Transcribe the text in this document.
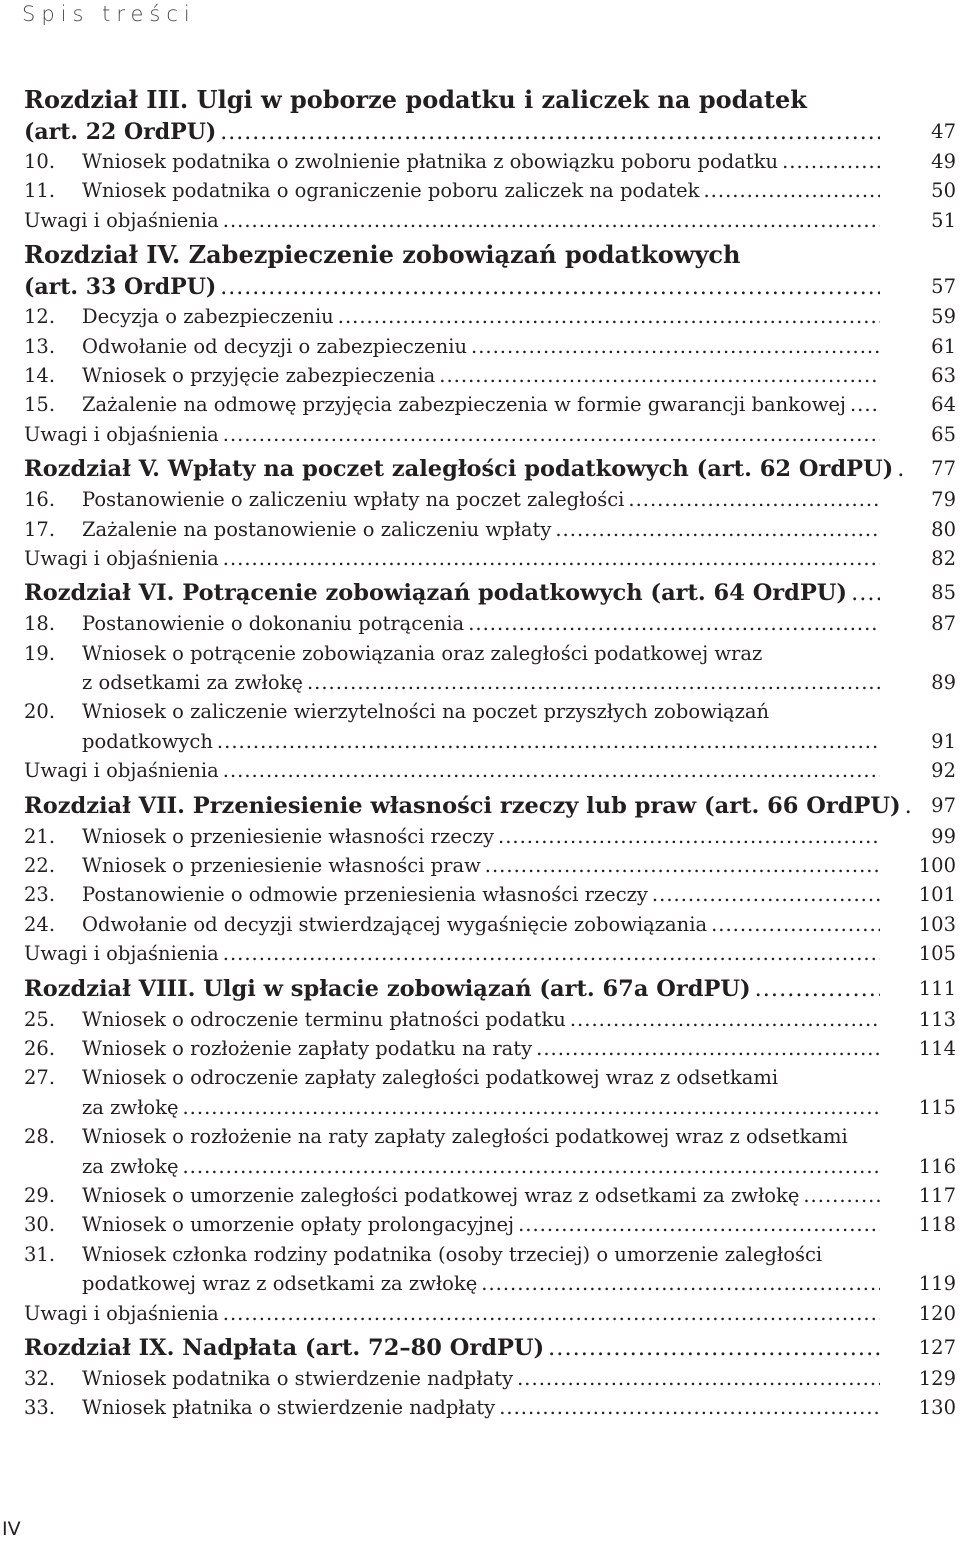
Spis treści
Rozdział III. Ulgi w poborze podatku i zaliczek na podatek
(art. 22 OrdPU) .....	47
10.	Wniosek podatnika o zwolnienie płatnika z obowiązku poboru podatku .....	49
11.	Wniosek podatnika o ograniczenie poboru zaliczek na podatek .....	50
Uwagi i objaśnienia .....	51
Rozdział IV. Zabezpieczenie zobowiązań podatkowych
(art. 33 OrdPU) .....	57
12.	Decyzja o zabezpieczeniu .....	59
13.	Odwołanie od decyzji o zabezpieczeniu .....	61
14.	Wniosek o przyjęcie zabezpieczenia .....	63
15.	Zażalenie na odmowę przyjęcia zabezpieczenia w formie gwarancji bankowej .....	64
Uwagi i objaśnienia .....	65
Rozdział V. Wpłaty na poczet zaległości podatkowych (art. 62 OrdPU) .....	77
16.	Postanowienie o zaliczeniu wpłaty na poczet zaległości .....	79
17.	Zażalenie na postanowienie o zaliczeniu wpłaty .....	80
Uwagi i objaśnienia .....	82
Rozdział VI. Potrącenie zobowiązań podatkowych (art. 64 OrdPU) .....	85
18.	Postanowienie o dokonaniu potrącenia .....	87
19.	Wniosek o potrącenie zobowiązania oraz zaległości podatkowej wraz
z odsetkami za zwłokę .....	89
20.	Wniosek o zaliczenie wierzytelności na poczet przyszłych zobowiązań
podatkowych .....	91
Uwagi i objaśnienia .....	92
Rozdział VII. Przeniesienie własności rzeczy lub praw (art. 66 OrdPU) .....	97
21.	Wniosek o przeniesienie własności rzeczy .....	99
22.	Wniosek o przeniesienie własności praw .....	100
23.	Postanowienie o odmowie przeniesienia własności rzeczy .....	101
24.	Odwołanie od decyzji stwierdzającej wygaśnięcie zobowiązania .....	103
Uwagi i objaśnienia .....	105
Rozdział VIII. Ulgi w spłacie zobowiązań (art. 67a OrdPU) .....	111
25.	Wniosek o odroczenie terminu płatności podatku .....	113
26.	Wniosek o rozłożenie zapłaty podatku na raty .....	114
27.	Wniosek o odroczenie zapłaty zaległości podatkowej wraz z odsetkami
za zwłokę .....	115
28.	Wniosek o rozłożenie na raty zapłaty zaległości podatkowej wraz z odsetkami
za zwłokę .....	116
29.	Wniosek o umorzenie zaległości podatkowej wraz z odsetkami za zwłokę .....	117
30.	Wniosek o umorzenie opłaty prolongacyjnej .....	118
31.	Wniosek członka rodziny podatnika (osoby trzeciej) o umorzenie zaległości
podatkowej wraz z odsetkami za zwłokę .....	119
Uwagi i objaśnienia .....	120
Rozdział IX. Nadpłata (art. 72–80 OrdPU) .....	127
32.	Wniosek podatnika o stwierdzenie nadpłaty .....	129
33.	Wniosek płatnika o stwierdzenie nadpłaty .....	130
IV
